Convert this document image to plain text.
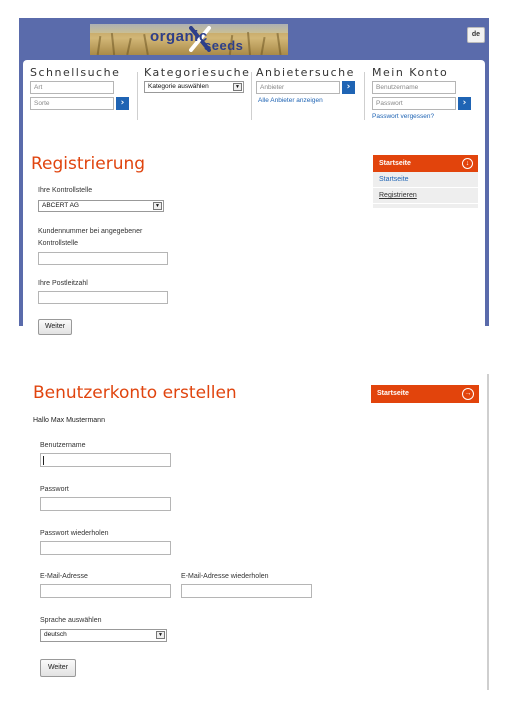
organic
seeds
de
Schnellsuche
Art
Sorte	›
Kategoriesuche
Kategorie auswählen	▼
Anbietersuche
Anbieter	›
Alle Anbieter anzeigen
Mein Konto
Benutzername
Passwort	›
Passwort vergessen?
Registrierung
Ihre Kontrollstelle
ABCERT AG	▼
Kundennummer bei angegebener
Kontrollstelle
Ihre Postleitzahl
Weiter
Startseite	↓
Startseite
Registrieren
Benutzerkonto erstellen	Startseite	→
Hallo Max Mustermann
Benutzername
Passwort
Passwort wiederholen
E-Mail-Adresse	E-Mail-Adresse wiederholen
Sprache auswählen
deutsch	▼
Weiter
